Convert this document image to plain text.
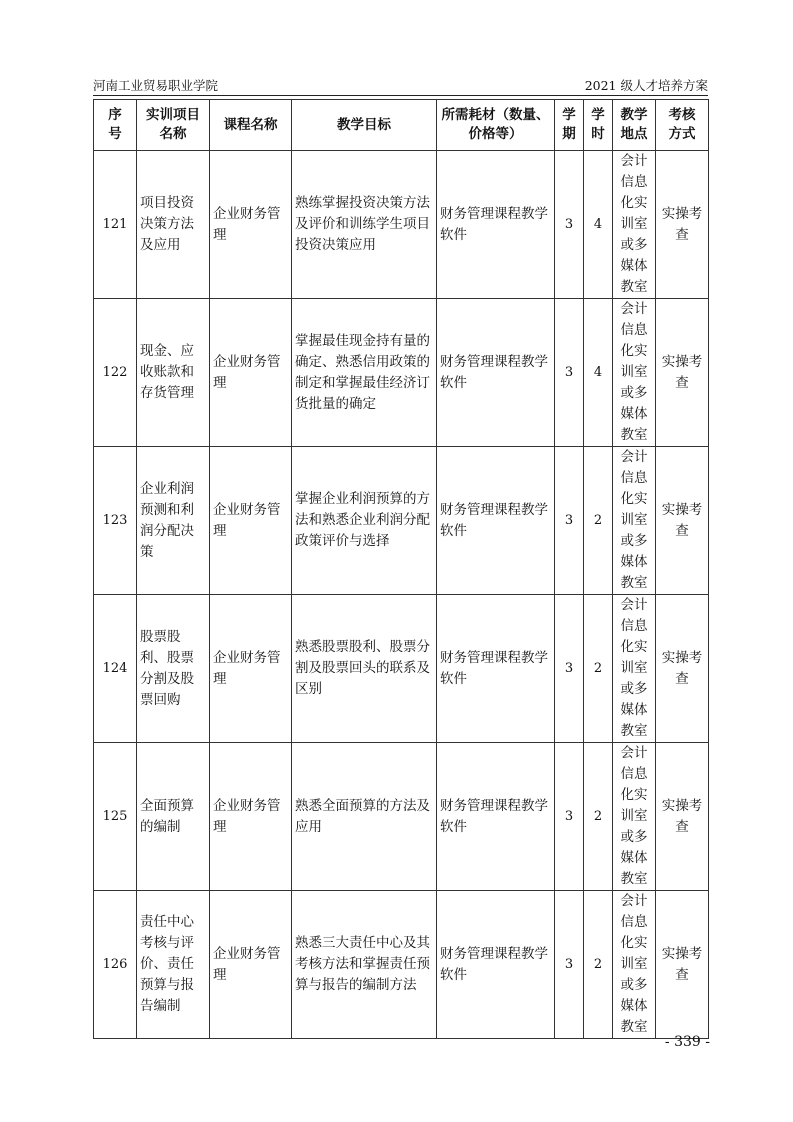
河南工业贸易职业学院	2021 级人才培养方案
序号	实训项目名称	课程名称	教学目标	所需耗材（数量、价格等）	学期	学时	教学地点	考核方式
121	项目投资决策方法及应用	企业财务管理	熟练掌握投资决策方法及评价和训练学生项目投资决策应用	财务管理课程教学软件	3	4	会计信息化实训室或多媒体教室	实操考查
122	现金、应收账款和存货管理	企业财务管理	掌握最佳现金持有量的确定、熟悉信用政策的制定和掌握最佳经济订货批量的确定	财务管理课程教学软件	3	4	会计信息化实训室或多媒体教室	实操考查
123	企业利润预测和利润分配决策	企业财务管理	掌握企业利润预算的方法和熟悉企业利润分配政策评价与选择	财务管理课程教学软件	3	2	会计信息化实训室或多媒体教室	实操考查
124	股票股利、股票分割及股票回购	企业财务管理	熟悉股票股利、股票分割及股票回头的联系及区别	财务管理课程教学软件	3	2	会计信息化实训室或多媒体教室	实操考查
125	全面预算的编制	企业财务管理	熟悉全面预算的方法及应用	财务管理课程教学软件	3	2	会计信息化实训室或多媒体教室	实操考查
126	责任中心考核与评价、责任预算与报告编制	企业财务管理	熟悉三大责任中心及其考核方法和掌握责任预算与报告的编制方法	财务管理课程教学软件	3	2	会计信息化实训室或多媒体教室	实操考查
- 339 -
